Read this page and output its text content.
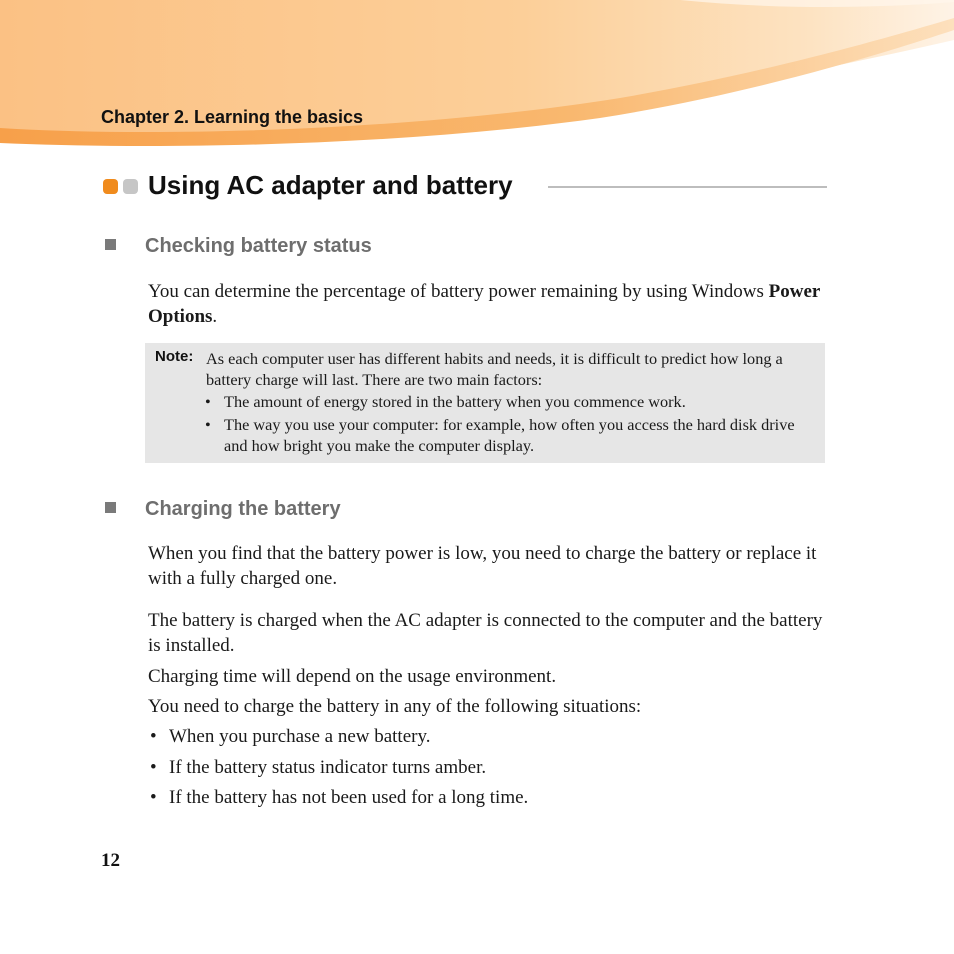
Chapter 2. Learning the basics
Using AC adapter and battery
Checking battery status
You can determine the percentage of battery power remaining by using Windows Power Options.
Note: As each computer user has different habits and needs, it is difficult to predict how long a battery charge will last. There are two main factors:
• The amount of energy stored in the battery when you commence work.
• The way you use your computer: for example, how often you access the hard disk drive and how bright you make the computer display.
Charging the battery
When you find that the battery power is low, you need to charge the battery or replace it with a fully charged one.
The battery is charged when the AC adapter is connected to the computer and the battery is installed.
Charging time will depend on the usage environment.
You need to charge the battery in any of the following situations:
• When you purchase a new battery.
• If the battery status indicator turns amber.
• If the battery has not been used for a long time.
12
